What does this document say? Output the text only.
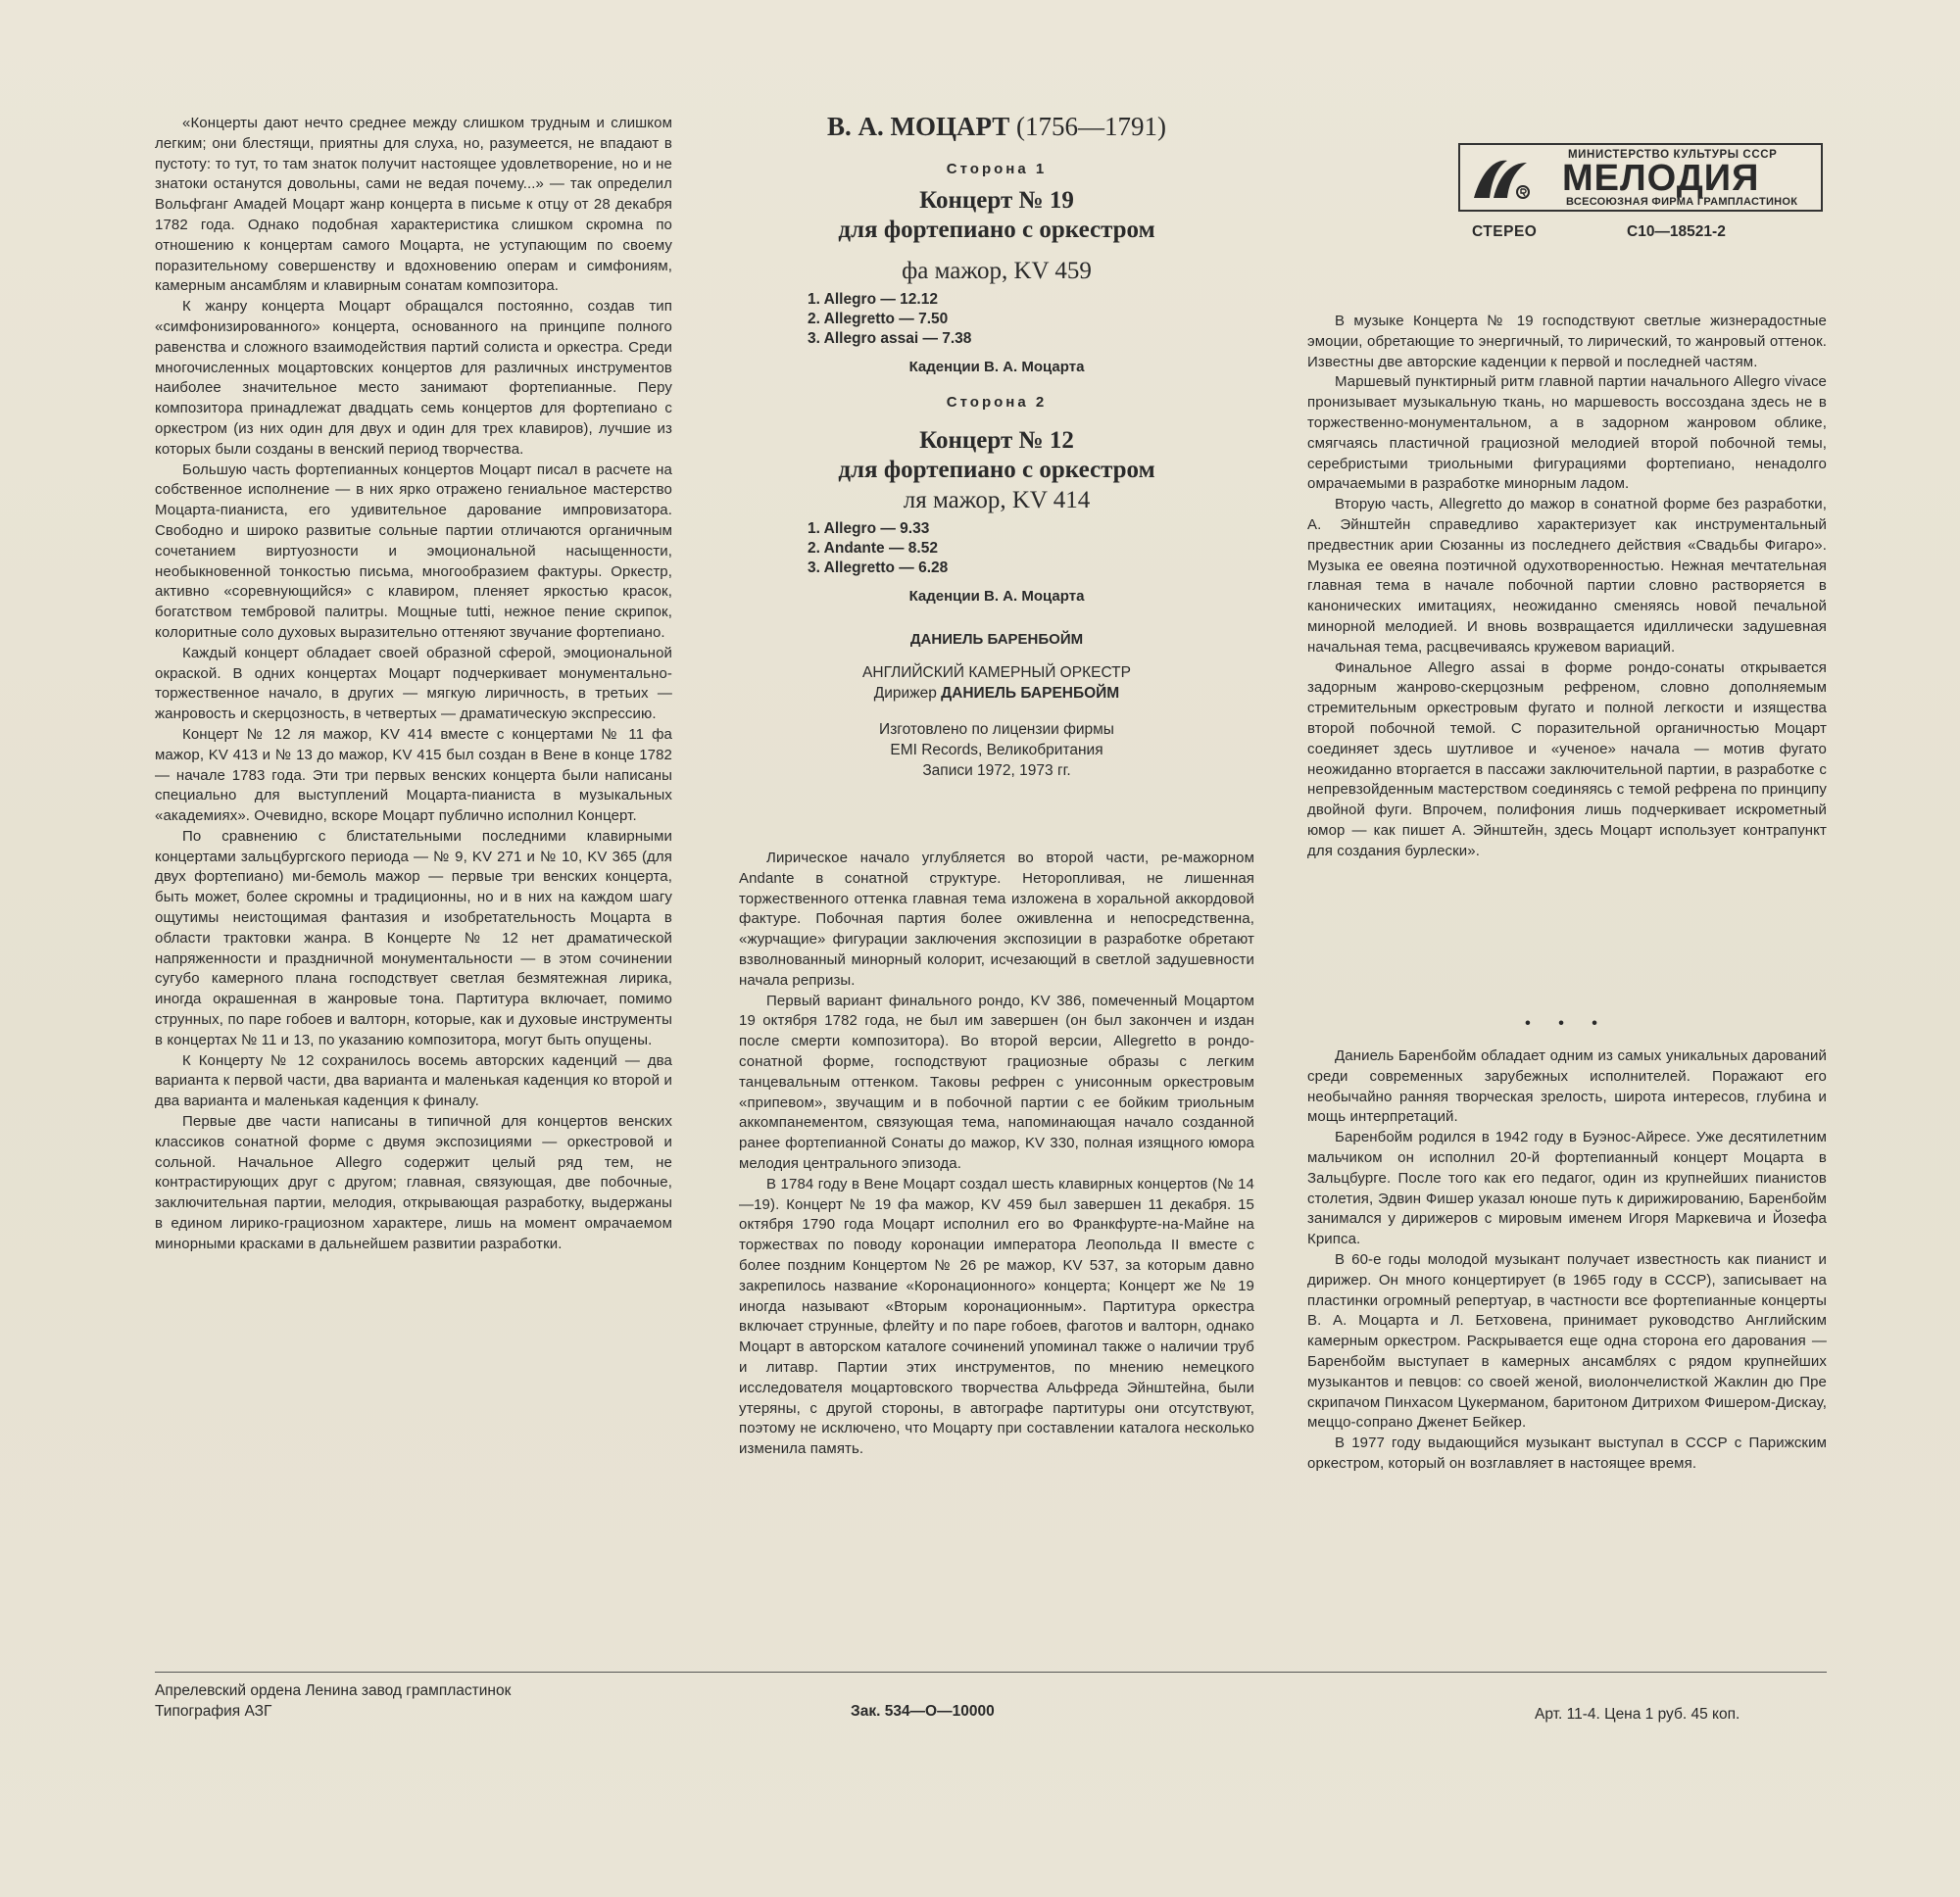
«Концерты дают нечто среднее между слишком трудным и слишком легким; они блестящи, приятны для слуха, но, разумеется, не впадают в пустоту: то тут, то там знаток получит настоящее удовлетворение, но и не знатоки останутся довольны, сами не ведая почему...» — так определил Вольфганг Амадей Моцарт жанр концерта в письме к отцу от 28 декабря 1782 года. Однако подобная характеристика слишком скромна по отношению к концертам самого Моцарта, не уступающим по своему поразительному совершенству и вдохновению операм и симфониям, камерным ансамблям и клавирным сонатам композитора.

К жанру концерта Моцарт обращался постоянно, создав тип «симфонизированного» концерта, основанного на принципе полного равенства и сложного взаимодействия партий солиста и оркестра. Среди многочисленных моцартовских концертов для различных инструментов наиболее значительное место занимают фортепианные. Перу композитора принадлежат двадцать семь концертов для фортепиано с оркестром (из них один для двух и один для трех клавиров), лучшие из которых были созданы в венский период творчества.

Большую часть фортепианных концертов Моцарт писал в расчете на собственное исполнение — в них ярко отражено гениальное мастерство Моцарта-пианиста, его удивительное дарование импровизатора. Свободно и широко развитые сольные партии отличаются органичным сочетанием виртуозности и эмоциональной насыщенности, необыкновенной тонкостью письма, многообразием фактуры. Оркестр, активно «соревнующийся» с клавиром, пленяет яркостью красок, богатством тембровой палитры. Мощные tutti, нежное пение скрипок, колоритные соло духовых выразительно оттеняют звучание фортепиано.

Каждый концерт обладает своей образной сферой, эмоциональной окраской. В одних концертах Моцарт подчеркивает монументально-торжественное начало, в других — мягкую лиричность, в третьих — жанровость и скерцозность, в четвертых — драматическую экспрессию.

Концерт № 12 ля мажор, KV 414 вместе с концертами № 11 фа мажор, KV 413 и № 13 до мажор, KV 415 был создан в Вене в конце 1782 — начале 1783 года. Эти три первых венских концерта были написаны специально для выступлений Моцарта-пианиста в музыкальных «академиях». Очевидно, вскоре Моцарт публично исполнил Концерт.

По сравнению с блистательными последними клавирными концертами зальцбургского периода — № 9, KV 271 и № 10, KV 365 (для двух фортепиано) ми-бемоль мажор — первые три венских концерта, быть может, более скромны и традиционны, но и в них на каждом шагу ощутимы неистощимая фантазия и изобретательность Моцарта в области трактовки жанра. В Концерте № 12 нет драматической напряженности и праздничной монументальности — в этом сочинении сугубо камерного плана господствует светлая безмятежная лирика, иногда окрашенная в жанровые тона. Партитура включает, помимо струнных, по паре гобоев и валторн, которые, как и духовые инструменты в концертах № 11 и 13, по указанию композитора, могут быть опущены.

К Концерту № 12 сохранилось восемь авторских каденций — два варианта к первой части, два варианта и маленькая каденция ко второй и два варианта и маленькая каденция к финалу.

Первые две части написаны в типичной для концертов венских классиков сонатной форме с двумя экспозициями — оркестровой и сольной. Начальное Allegro содержит целый ряд тем, не контрастирующих друг с другом; главная, связующая, две побочные, заключительная партии, мелодия, открывающая разработку, выдержаны в едином лирико-грациозном характере, лишь на момент омрачаемом минорными красками в дальнейшем развитии разработки.

В. А. МОЦАРТ (1756—1791)
Сторона 1
Концерт № 19
для фортепиано с оркестром
фа мажор, KV 459
1. Allegro — 12.12
2. Allegretto — 7.50
3. Allegro assai — 7.38
Каденции В. А. Моцарта
Сторона 2
Концерт № 12
для фортепиано с оркестром
ля мажор, KV 414
1. Allegro — 9.33
2. Andante — 8.52
3. Allegretto — 6.28
Каденции В. А. Моцарта
ДАНИЕЛЬ БАРЕНБОЙМ
АНГЛИЙСКИЙ КАМЕРНЫЙ ОРКЕСТР
Дирижер ДАНИЕЛЬ БАРЕНБОЙМ
Изготовлено по лицензии фирмы
EMI Records, Великобритания
Записи 1972, 1973 гг.

Лирическое начало углубляется во второй части, ре-мажорном Andante в сонатной структуре. Неторопливая, не лишенная торжественного оттенка главная тема изложена в хоральной аккордовой фактуре. Побочная партия более оживленна и непосредственна, «журчащие» фигурации заключения экспозиции в разработке обретают взволнованный минорный колорит, исчезающий в светлой задушевности начала репризы.

Первый вариант финального рондо, KV 386, помеченный Моцартом 19 октября 1782 года, не был им завершен (он был закончен и издан после смерти композитора). Во второй версии, Allegretto в рондо-сонатной форме, господствуют грациозные образы с легким танцевальным оттенком. Таковы рефрен с унисонным оркестровым «припевом», звучащим и в побочной партии с ее бойким триольным аккомпанементом, связующая тема, напоминающая начало созданной ранее фортепианной Сонаты до мажор, KV 330, полная изящного юмора мелодия центрального эпизода.

В 1784 году в Вене Моцарт создал шесть клавирных концертов (№ 14—19). Концерт № 19 фа мажор, KV 459 был завершен 11 декабря. 15 октября 1790 года Моцарт исполнил его во Франкфурте-на-Майне на торжествах по поводу коронации императора Леопольда II вместе с более поздним Концертом № 26 ре мажор, KV 537, за которым давно закрепилось название «Коронационного» концерта; Концерт же № 19 иногда называют «Вторым коронационным». Партитура оркестра включает струнные, флейту и по паре гобоев, фаготов и валторн, однако Моцарт в авторском каталоге сочинений упоминал также о наличии труб и литавр. Партии этих инструментов, по мнению немецкого исследователя моцартовского творчества Альфреда Эйнштейна, были утеряны, с другой стороны, в автографе партитуры они отсутствуют, поэтому не исключено, что Моцарту при составлении каталога несколько изменила память.

МИНИСТЕРСТВО КУЛЬТУРЫ СССР
МЕЛОДИЯ
ВСЕСОЮЗНАЯ ФИРМА ГРАМПЛАСТИНОК
СТЕРЕО	С10—18521-2

В музыке Концерта № 19 господствуют светлые жизнерадостные эмоции, обретающие то энергичный, то лирический, то жанровый оттенок. Известны две авторские каденции к первой и последней частям.

Маршевый пунктирный ритм главной партии начального Allegro vivace пронизывает музыкальную ткань, но маршевость воссоздана здесь не в торжественно-монументальном, а в задорном жанровом облике, смягчаясь пластичной грациозной мелодией второй побочной темы, серебристыми триольными фигурациями фортепиано, ненадолго омрачаемыми в разработке минорным ладом.

Вторую часть, Allegretto до мажор в сонатной форме без разработки, А. Эйнштейн справедливо характеризует как инструментальный предвестник арии Сюзанны из последнего действия «Свадьбы Фигаро». Музыка ее овеяна поэтичной одухотворенностью. Нежная мечтательная главная тема в начале побочной партии словно растворяется в канонических имитациях, неожиданно сменяясь новой печальной минорной мелодией. И вновь возвращается идиллически задушевная начальная тема, расцвечиваясь кружевом вариаций.

Финальное Allegro assai в форме рондо-сонаты открывается задорным жанрово-скерцозным рефреном, словно дополняемым стремительным оркестровым фугато и полной легкости и изящества второй побочной темой. С поразительной органичностью Моцарт соединяет здесь шутливое и «ученое» начала — мотив фугато неожиданно вторгается в пассажи заключительной партии, в разработке с непревзойденным мастерством соединяясь с темой рефрена по принципу двойной фуги. Впрочем, полифония лишь подчеркивает искрометный юмор — как пишет А. Эйнштейн, здесь Моцарт использует контрапункт для создания бурлески».

• • •

Даниель Баренбойм обладает одним из самых уникальных дарований среди современных зарубежных исполнителей. Поражают его необычайно ранняя творческая зрелость, широта интересов, глубина и мощь интерпретаций.

Баренбойм родился в 1942 году в Буэнос-Айресе. Уже десятилетним мальчиком он исполнил 20-й фортепианный концерт Моцарта в Зальцбурге. После того как его педагог, один из крупнейших пианистов столетия, Эдвин Фишер указал юноше путь к дирижированию, Баренбойм занимался у дирижеров с мировым именем Игоря Маркевича и Йозефа Крипса.

В 60-е годы молодой музыкант получает известность как пианист и дирижер. Он много концертирует (в 1965 году в СССР), записывает на пластинки огромный репертуар, в частности все фортепианные концерты В. А. Моцарта и Л. Бетховена, принимает руководство Английским камерным оркестром. Раскрывается еще одна сторона его дарования — Баренбойм выступает в камерных ансамблях с рядом крупнейших музыкантов и певцов: со своей женой, виолончелисткой Жаклин дю Пре скрипачом Пинхасом Цукерманом, баритоном Дитрихом Фишером-Дискау, меццо-сопрано Дженет Бейкер.

В 1977 году выдающийся музыкант выступал в СССР с Парижским оркестром, который он возглавляет в настоящее время.

Апрелевский ордена Ленина завод грампластинок
Типография АЗГ	Зак. 534—О—10000	Арт. 11-4. Цена 1 руб. 45 коп.
